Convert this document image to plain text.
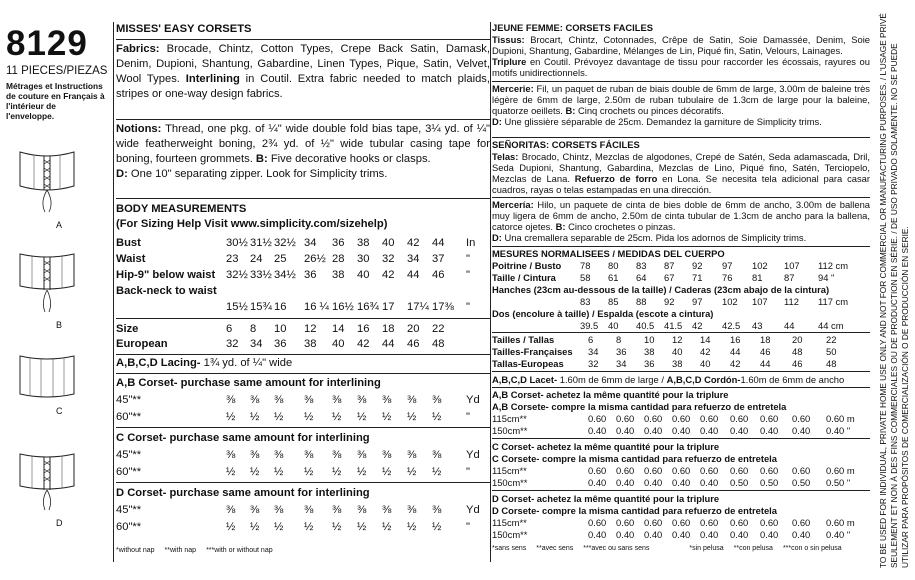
8129
11 PIECES/PIEZAS
Métrages et Instructions de couture en Français à l'intérieur de l'enveloppe.
A
B
C
D
MISSES' EASY CORSETS
Fabrics: Brocade, Chintz, Cotton Types, Crepe Back Satin, Damask, Denim, Dupioni, Shantung, Gabardine, Linen Types, Pique, Satin, Velvet, Wool Types. Interlining in Coutil. Extra fabric needed to match plaids, stripes or one-way design fabrics.
Notions: Thread, one pkg. of ¼" wide double fold bias tape, 3¼ yd. of ¼" wide featherweight boning, 2¾ yd. of ½" wide tubular casing tape for boning, fourteen grommets. B: Five decorative hooks or clasps.
D: One 10" separating zipper. Look for Simplicity trims.
BODY MEASUREMENTS
(For Sizing Help Visit www.simplicity.com/sizehelp)
Bust	30½ 31½ 32½ 34 36 38 40 42 44 In
Waist	23 24 25 26½ 28 30 32 34 37 "
Hip-9" below waist 32½ 33½ 34½ 36 38 40 42 44 46 "
Back-neck to waist
15½ 15¾ 16 16 ¼ 16½ 16¾ 17 17¼ 17⅜ "
Size	6 8 10 12 14 16 18 20 22
European	32 34 36 38 40 42 44 46 48
A,B,C,D Lacing- 1¾ yd. of ¼" wide
A,B Corset- purchase same amount for interlining
45"**	⅜ ⅜ ⅜ ⅜ ⅜ ⅜ ⅜ ⅜ ⅜ Yd
60"**	½ ½ ½ ½ ½ ½ ½ ½ ½ "
C Corset- purchase same amount for interlining
45"**	⅜ ⅜ ⅜ ⅜ ⅜ ⅜ ⅜ ⅜ ⅜ Yd
60"**	½ ½ ½ ½ ½ ½ ½ ½ ½ "
D Corset- purchase same amount for interlining
45"**	⅜ ⅜ ⅜ ⅜ ⅜ ⅜ ⅜ ⅜ ⅜ Yd
60"**	½ ½ ½ ½ ½ ½ ½ ½ ½ "
*without nap **with nap ***with or without nap
JEUNE FEMME: CORSETS FACILES
Tissus: Brocart, Chintz, Cotonnades, Crêpe de Satin, Soie Damassée, Denim, Soie Dupioni, Shantung, Gabardine, Mélanges de Lin, Piqué fin, Satin, Velours, Lainages.
Triplure en Coutil. Prévoyez davantage de tissu pour raccorder les écossais, rayures ou motifs unidirectionnels.
Mercerie: Fil, un paquet de ruban de biais double de 6mm de large, 3.00m de baleine très légère de 6mm de large, 2.50m de ruban tubulaire de 1.3cm de large pour la baleine, quatorze oeillets. B: Cinq crochets ou pinces décoratifs.
D: Une glissière séparable de 25cm. Demandez la garniture de Simplicity trims.
SEÑORITAS: CORSETS FÁCILES
Telas: Brocado, Chintz, Mezclas de algodones, Crepé de Satén, Seda adamascada, Dril, Seda Dupioni, Shantung, Gabardina, Mezclas de Lino, Piqué fino, Satén, Terciopelo, Mezclas de Lana. Refuerzo de forro en Lona. Se necesita tela adicional para casar cuadros, rayas o telas estampadas en una dirección.
Mercería: Hilo, un paquete de cinta de bies doble de 6mm de ancho, 3.00m de ballena muy ligera de 6mm de ancho, 2.50m de cinta tubular de 1.3cm de ancho para la ballena, catorce ojetes. B: Cinco crochetes o pinzas.
D: Una cremallera separable de 25cm. Pida los adornos de Simplicity trims.
MESURES NORMALISEES / MEDIDAS DEL CUERPO
Poitrine / Busto 78 80 83 87 92 97 102 107 112 cm
Taille / Cintura	58 61 64 67 71 76 81 87	94 "
Hanches (23cm au-dessous de la taille) / Caderas (23cm abajo de la cintura)
83 85 88 92 97 102 107 112 117 cm
Dos (encolure à taille) / Espalda (escote a cintura)
39.5 40 40.5 41.5 42 42.5 43 44	44 cm
Tailles / Tallas	6 8 10 12 14 16 18 20	22
Tailles-Françaises 34 36 38 40 42 44 46 48	50
Tallas-Europeas	32 34 36 38 40 42 44 46	48
A,B,C,D Lacet- 1.60m de 6mm de large / A,B,C,D Cordón-1.60m de 6mm de ancho
A,B Corset- achetez la même quantité pour la triplure
A,B Corsete- compre la misma cantidad para refuerzo de entretela
115cm**	0.60 0.60 0.60 0.60 0.60 0.60 0.60 0.60 0.60 m
150cm**	0.40 0.40 0.40 0.40 0.40 0.40 0.40 0.40 0.40 "
C Corset- achetez la même quantité pour la triplure
C Corsete- compre la misma cantidad para refuerzo de entretela
115cm**	0.60 0.60 0.60 0.60 0.60 0.60 0.60 0.60 0.60 m
150cm**	0.40 0.40 0.40 0.40 0.40 0.50 0.50 0.50 0.50 "
D Corset- achetez la même quantité pour la triplure
D Corsete- compre la misma cantidad para refuerzo de entretela
115cm**	0.60 0.60 0.60 0.60 0.60 0.60 0.60 0.60 0.60 m
150cm**	0.40 0.40 0.40 0.40 0.40 0.40 0.40 0.40 0.40 "
*sans sens **avec sens ***avec ou sans sens	*sin pelusa **con pelusa ***con o sin pelusa	TO BE USED FOR INDIVIDUAL, PRIVATE HOME USE ONLY AND NOT FOR COMMERCIAL OR MANUFACTURING PURPOSES. / L'USAGE PRIVÉ SEULEMENT ET NON À DES FINS COMMERCIALES OU DE PRODUCTION EN SÉRIE. / DE USO PRIVADO SOLAMENTE. NO SE PUEDE UTILIZAR PARA PROPÓSITOS DE COMERCIALIZACIÓN O DE PRODUCCIÓN EN SERIE.
